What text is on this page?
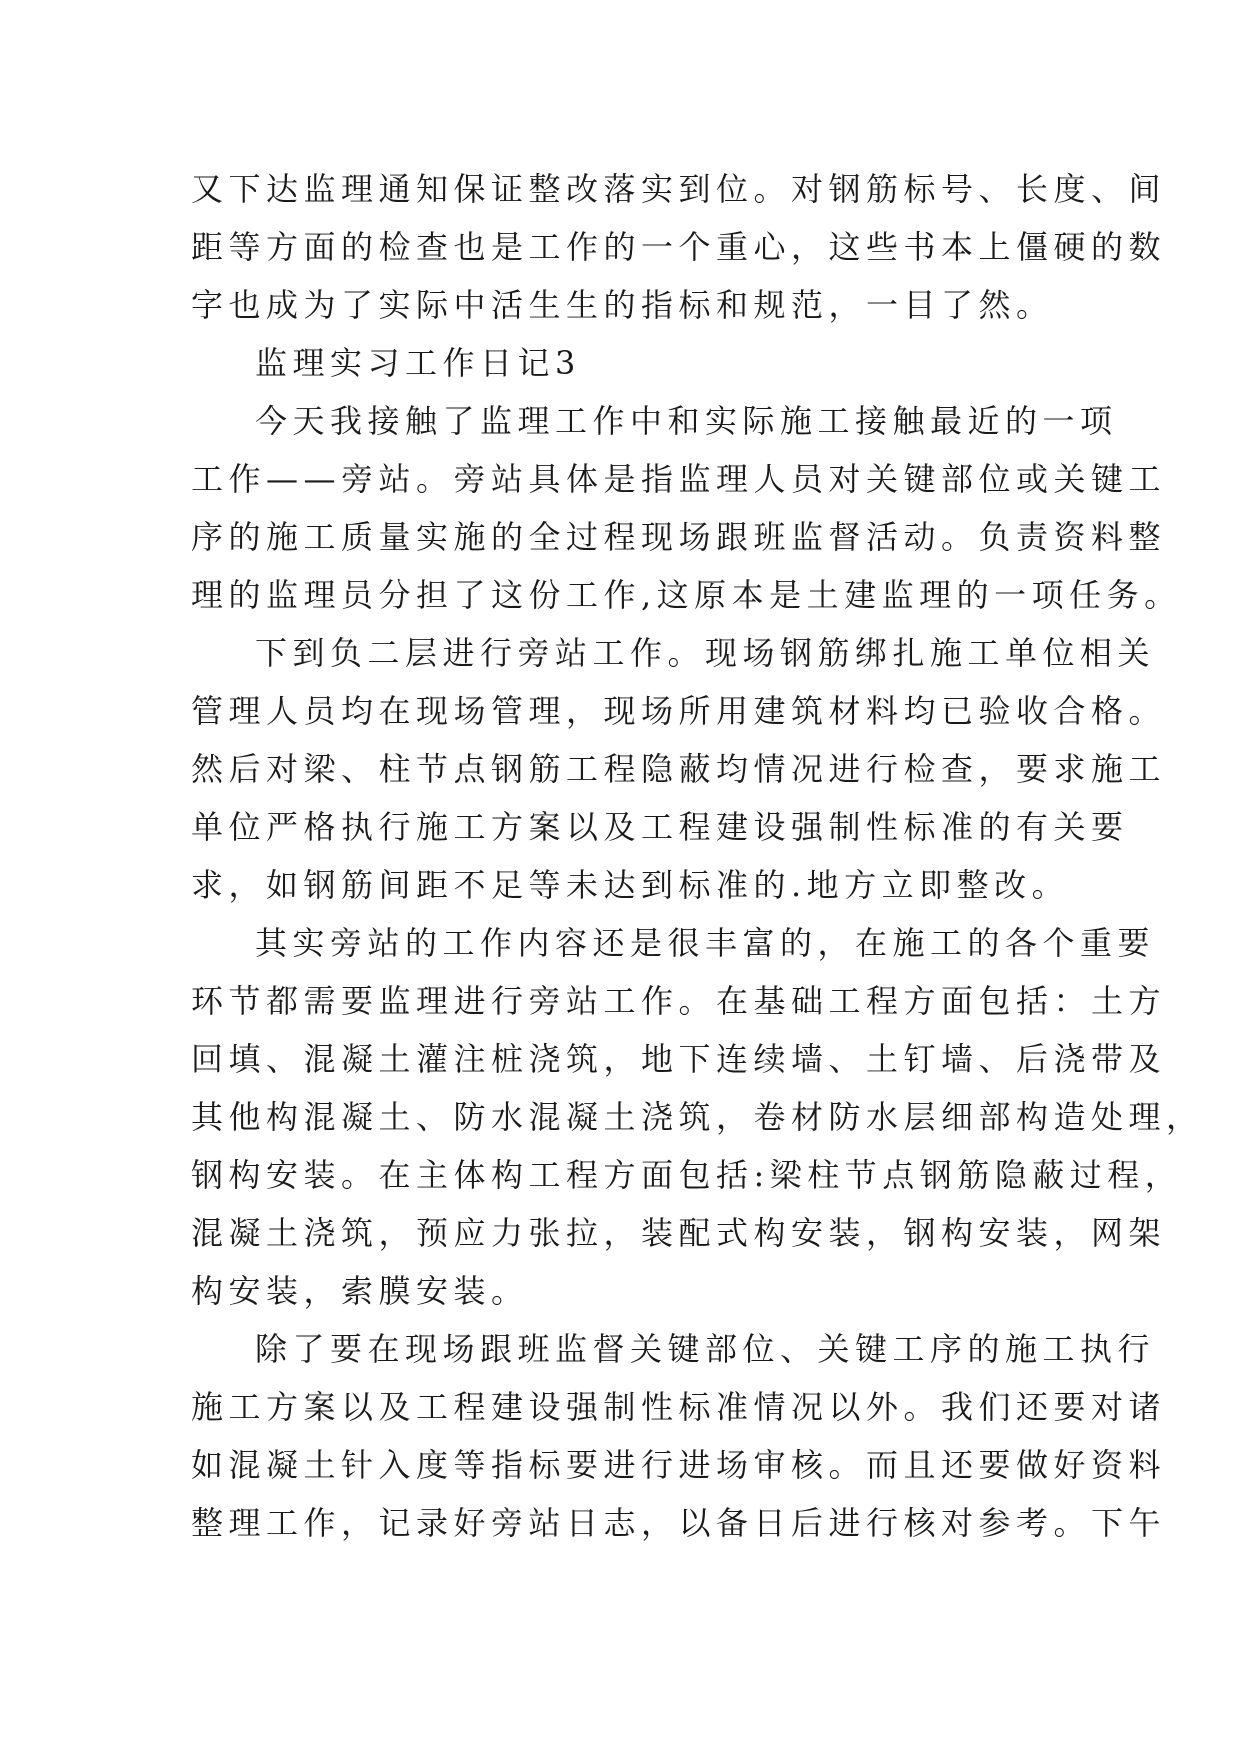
又下达监理通知保证整改落实到位。对钢筋标号、长度、间
距等方面的检查也是工作的一个重心，这些书本上僵硬的数
字也成为了实际中活生生的指标和规范，一目了然。
监理实习工作日记3
今天我接触了监理工作中和实际施工接触最近的一项
工作——旁站。旁站具体是指监理人员对关键部位或关键工
序的施工质量实施的全过程现场跟班监督活动。负责资料整
理的监理员分担了这份工作,这原本是土建监理的一项任务。
下到负二层进行旁站工作。现场钢筋绑扎施工单位相关
管理人员均在现场管理，现场所用建筑材料均已验收合格。
然后对梁、柱节点钢筋工程隐蔽均情况进行检查，要求施工
单位严格执行施工方案以及工程建设强制性标准的有关要
求，如钢筋间距不足等未达到标准的.地方立即整改。
其实旁站的工作内容还是很丰富的，在施工的各个重要
环节都需要监理进行旁站工作。在基础工程方面包括：土方
回填、混凝土灌注桩浇筑，地下连续墙、土钉墙、后浇带及
其他构混凝土、防水混凝土浇筑，卷材防水层细部构造处理，
钢构安装。在主体构工程方面包括:梁柱节点钢筋隐蔽过程，
混凝土浇筑，预应力张拉，装配式构安装，钢构安装，网架
构安装，索膜安装。
除了要在现场跟班监督关键部位、关键工序的施工执行
施工方案以及工程建设强制性标准情况以外。我们还要对诸
如混凝土针入度等指标要进行进场审核。而且还要做好资料
整理工作，记录好旁站日志，以备日后进行核对参考。下午
